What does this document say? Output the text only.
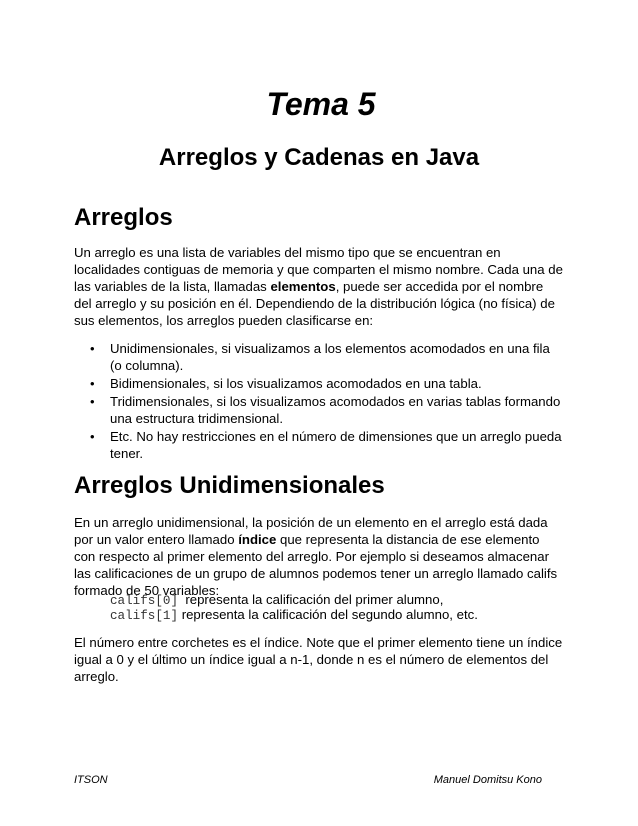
Tema 5
Arreglos y Cadenas en Java
Arreglos

Un arreglo es una lista de variables del mismo tipo que se encuentran en localidades contiguas de memoria y que comparten el mismo nombre. Cada una de las variables de la lista, llamadas elementos, puede ser accedida por el nombre del arreglo y su posición en él. Dependiendo de la distribución lógica (no física) de sus elementos, los arreglos pueden clasificarse en:

• Unidimensionales, si visualizamos a los elementos acomodados en una fila (o columna).
• Bidimensionales, si los visualizamos acomodados en una tabla.
• Tridimensionales, si los visualizamos acomodados en varias tablas formando una estructura tridimensional.
• Etc. No hay restricciones en el número de dimensiones que un arreglo pueda tener.
Arreglos Unidimensionales

En un arreglo unidimensional, la posición de un elemento en el arreglo está dada por un valor entero llamado índice que representa la distancia de ese elemento con respecto al primer elemento del arreglo. Por ejemplo si deseamos almacenar las calificaciones de un grupo de alumnos podemos tener un arreglo llamado califs formado de 50 variables:

califs[0]  representa la calificación del primer alumno,
califs[1] representa la calificación del segundo alumno, etc.

El número entre corchetes es el índice. Note que el primer elemento tiene un índice igual a 0 y el último un índice igual a n-1, donde n es el número de elementos del arreglo.

ITSON	Manuel Domitsu Kono
